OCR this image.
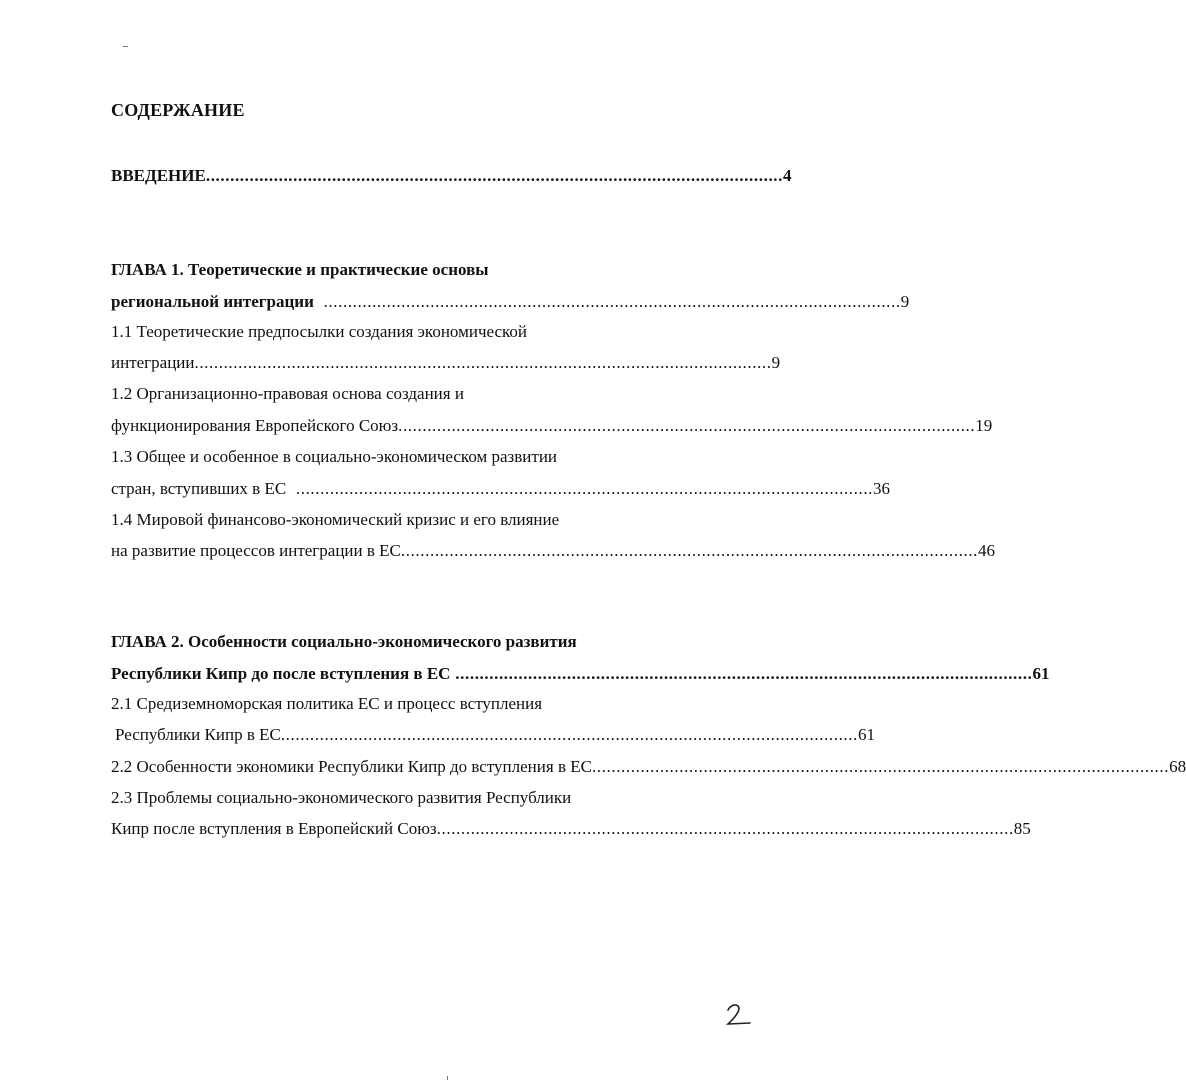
СОДЕРЖАНИЕ
ВВЕДЕНИЕ ....................................................................................................................... 4
ГЛАВА 1. Теоретические и практические основы
региональной интеграции ....................................................................................................................... 9
1.1 Теоретические предпосылки создания экономической
интеграции ....................................................................................................................... 9
1.2 Организационно-правовая основа создания и
функционирования Европейского Союз ....................................................................................................................... 19
1.3 Общее и особенное в социально-экономическом развитии
стран, вступивших в ЕС ....................................................................................................................... 36
1.4 Мировой финансово-экономический кризис и его влияние
на развитие процессов интеграции в ЕС ....................................................................................................................... 46
ГЛАВА 2. Особенности социально-экономического развития
Республики Кипр до после вступления в ЕС ....................................................................................................................... 61
2.1 Средиземноморская политика ЕС и процесс вступления
Республики Кипр в ЕС ....................................................................................................................... 61
2.2 Особенности экономики Республики Кипр до вступления в ЕС ....................................................................................................................... 68
2.3 Проблемы социально-экономического развития Республики
Кипр после вступления в Европейский Союз ....................................................................................................................... 85
